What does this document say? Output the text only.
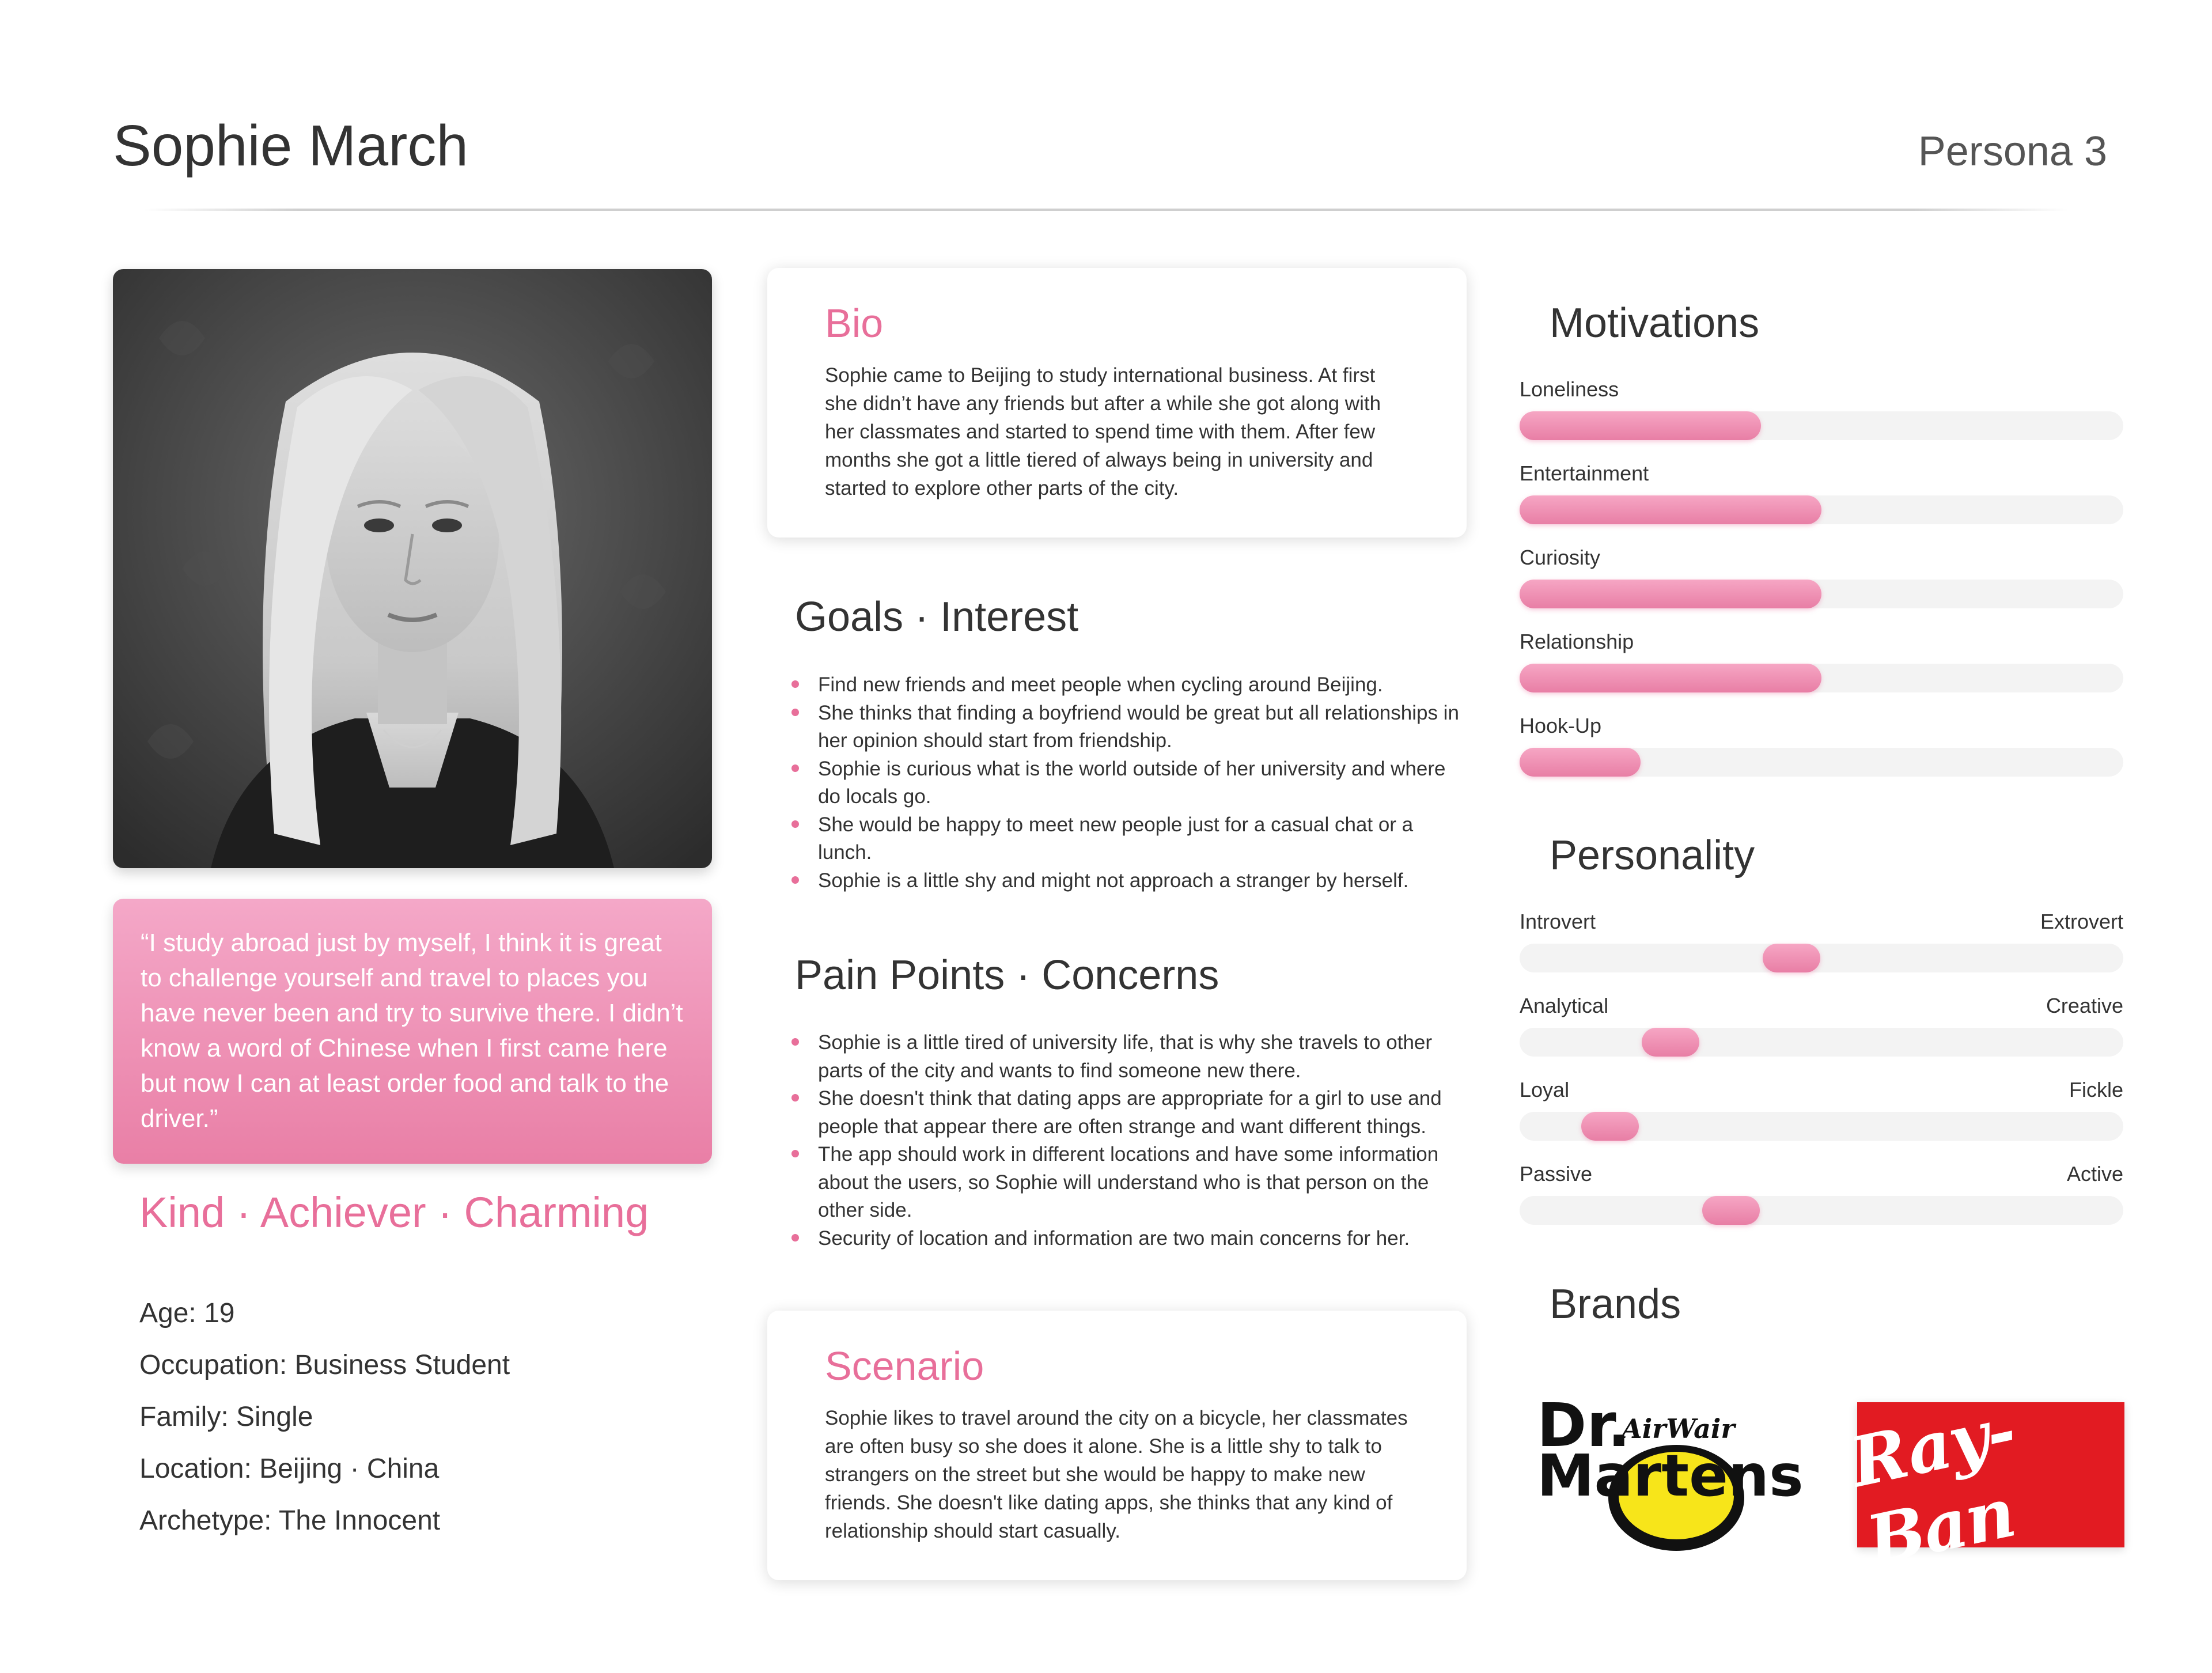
Sophie March	Persona 3
“I study abroad just by myself, I think it is great to challenge yourself and travel to places you have never been and try to survive there. I didn’t know a word of Chinese when I first came here but now I can at least order food and talk to the driver.”
Kind · Achiever · Charming
Age: 19
Occupation: Business Student
Family: Single
Location: Beijing · China
Archetype: The Innocent
Bio
Sophie came to Beijing to study international business. At first she didn’t have any friends but after a while she got along with her classmates and started to spend time with them. After few months she got a little tiered of always being in university and started to explore other parts of the city.
Goals · Interest
Find new friends and meet people when cycling around Beijing.
She thinks that finding a boyfriend would be great but all relationships in her opinion should start from friendship.
Sophie is curious what is the world outside of her university and where do locals go.
She would be happy to meet new people just for a casual chat or a lunch.
Sophie is a little shy and might not approach a stranger by herself.
Pain Points · Concerns
Sophie is a little tired of university life, that is why she travels to other parts of the city and wants to find someone new there.
She doesn't think that dating apps are appropriate for a girl to use and people that appear there are often strange and want different things.
The app should work in different locations and have some information about the users, so Sophie will understand who is that person on the other side.
Security of location and information are two main concerns for her.
Scenario
Sophie likes to travel around the city on a bicycle, her classmates are often busy so she does it alone. She is a little shy to talk to strangers on the street but she would be happy to make new friends. She doesn't like dating apps, she thinks that any kind of relationship should start casually.
Motivations
Loneliness
Entertainment
Curiosity
Relationship
Hook-Up
Personality
Introvert	Extrovert
Analytical	Creative
Loyal	Fickle
Passive	Active
Brands
Dr.
Martens
AirWair Ray-Ban
